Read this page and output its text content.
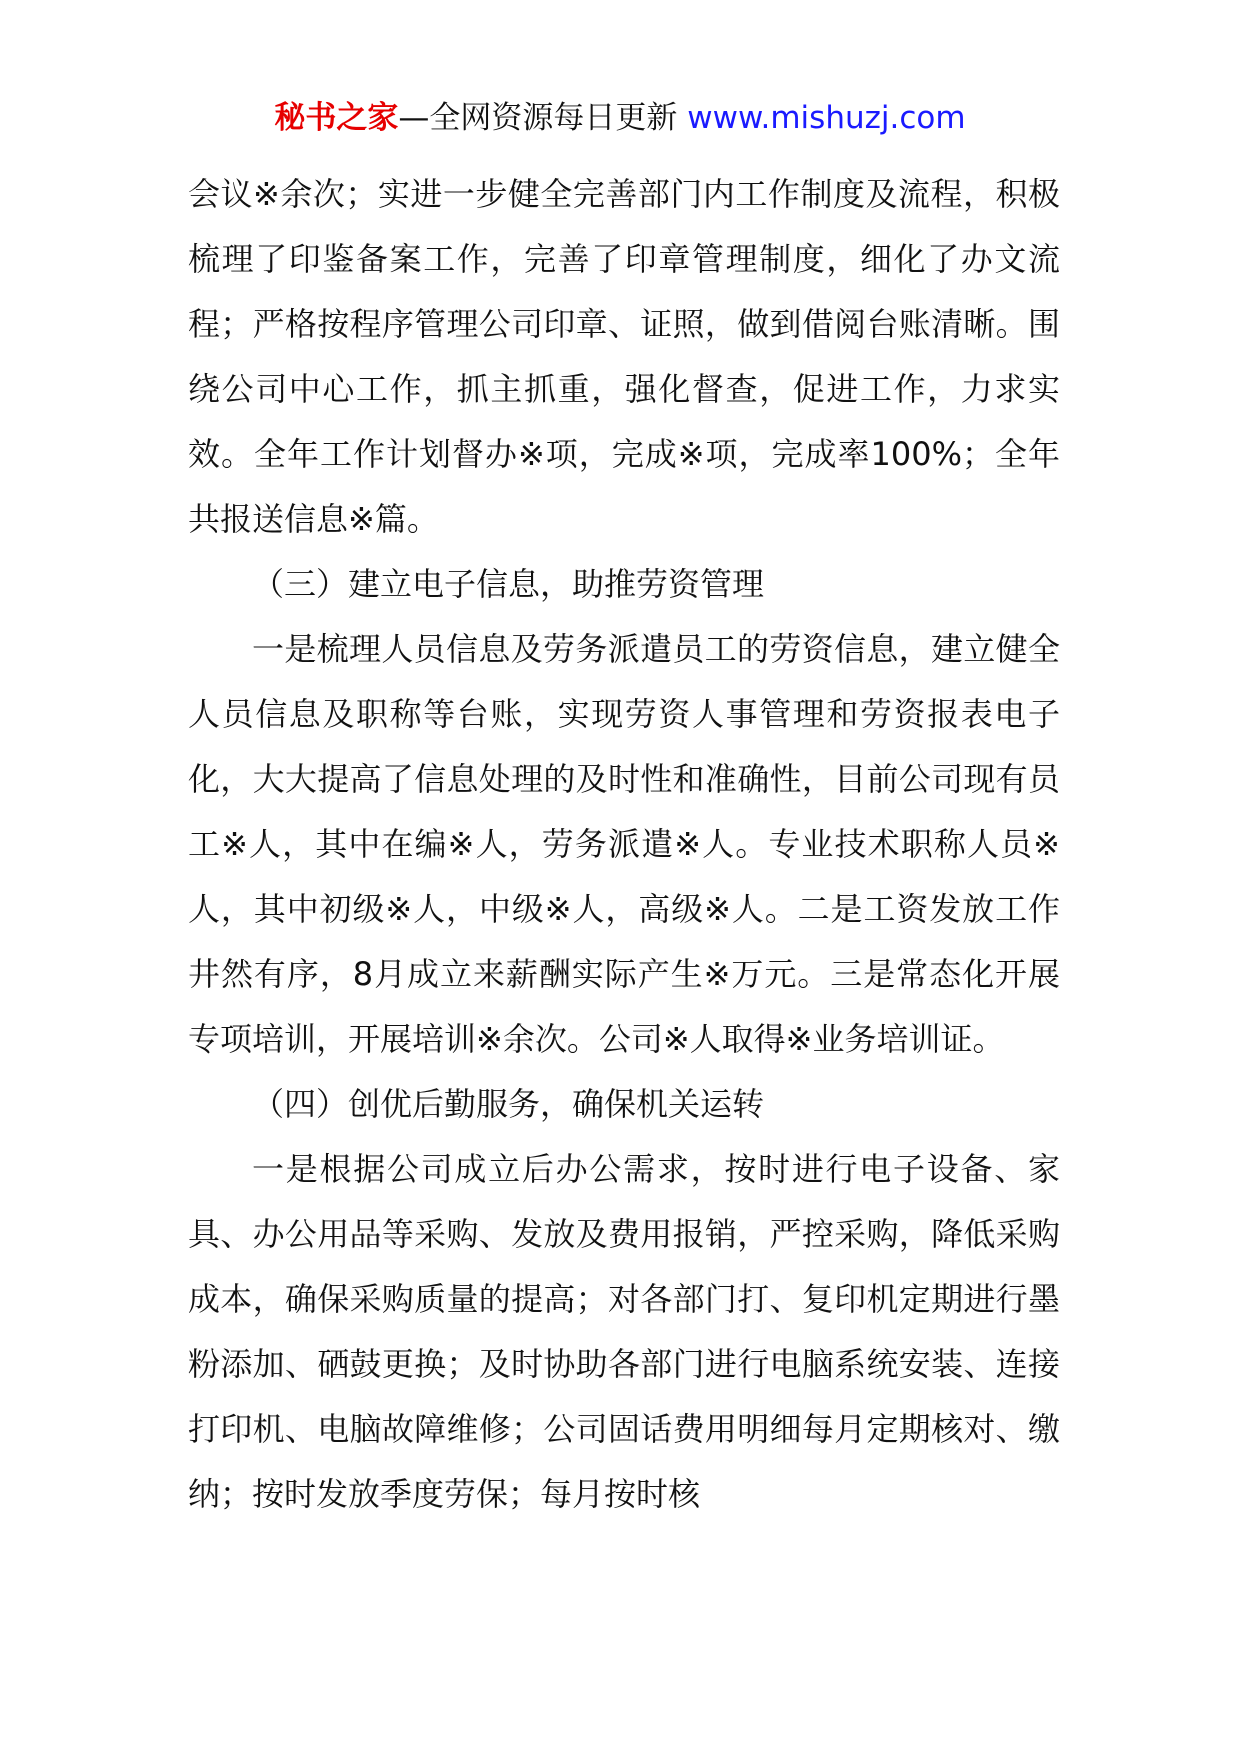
秘书之家—全网资源每日更新 www.mishuzj.com

会议※余次；实进一步健全完善部门内工作制度及流程，积极梳理了印鉴备案工作，完善了印章管理制度，细化了办文流程；严格按程序管理公司印章、证照，做到借阅台账清晰。围绕公司中心工作，抓主抓重，强化督查，促进工作，力求实效。全年工作计划督办※项，完成※项，完成率100%；全年共报送信息※篇。

（三）建立电子信息，助推劳资管理

一是梳理人员信息及劳务派遣员工的劳资信息，建立健全人员信息及职称等台账，实现劳资人事管理和劳资报表电子化，大大提高了信息处理的及时性和准确性，目前公司现有员工※人，其中在编※人，劳务派遣※人。专业技术职称人员※人，其中初级※人，中级※人，高级※人。二是工资发放工作井然有序，8月成立来薪酬实际产生※万元。三是常态化开展专项培训，开展培训※余次。公司※人取得※业务培训证。

（四）创优后勤服务，确保机关运转

一是根据公司成立后办公需求，按时进行电子设备、家具、办公用品等采购、发放及费用报销，严控采购，降低采购成本，确保采购质量的提高；对各部门打、复印机定期进行墨粉添加、硒鼓更换；及时协助各部门进行电脑系统安装、连接打印机、电脑故障维修；公司固话费用明细每月定期核对、缴纳；按时发放季度劳保；每月按时核
